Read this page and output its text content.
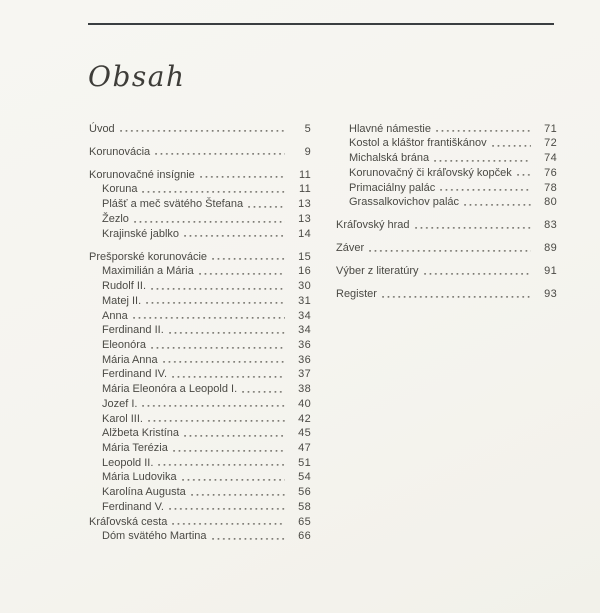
Obsah
Úvod	5
Korunovácia	9
Korunovačné insígnie	11
Koruna	11
Plášť a meč svätého Štefana	13
Žezlo	13
Krajinské jablko	14
Prešporské korunovácie	15
Maximilián a Mária	16
Rudolf II.	30
Matej II.	31
Anna	34
Ferdinand II.	34
Eleonóra	36
Mária Anna	36
Ferdinand IV.	37
Mária Eleonóra a Leopold I.	38
Jozef I.	40
Karol III.	42
Alžbeta Kristína	45
Mária Terézia	47
Leopold II.	51
Mária Ludovika	54
Karolína Augusta	56
Ferdinand V.	58
Kráľovská cesta	65
Dóm svätého Martina	66
Hlavné námestie	71
Kostol a kláštor františkánov	72
Michalská brána	74
Korunovačný či kráľovský kopček	76
Primaciálny palác	78
Grassalkovichov palác	80
Kráľovský hrad	83
Záver	89
Výber z literatúry	91
Register	93
